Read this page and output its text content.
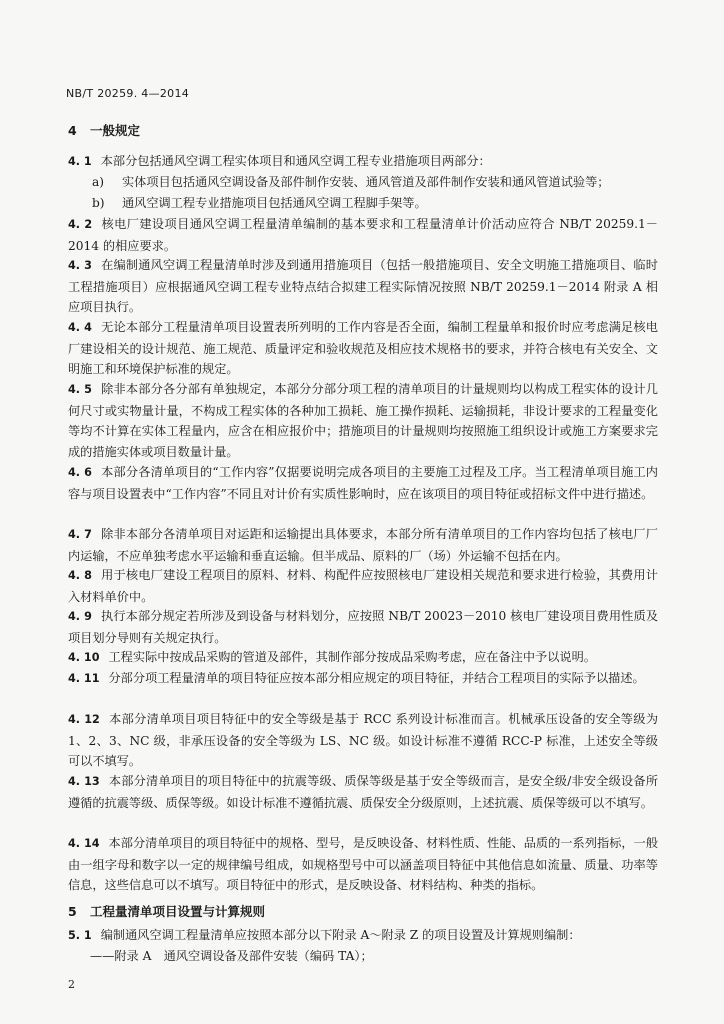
NB/T 20259. 4—2014
4 一般规定
4. 1 本部分包括通风空调工程实体项目和通风空调工程专业措施项目两部分：
a) 实体项目包括通风空调设备及部件制作安装、通风管道及部件制作安装和通风管道试验等；
b) 通风空调工程专业措施项目包括通风空调工程脚手架等。
4. 2 核电厂建设项目通风空调工程量清单编制的基本要求和工程量清单计价活动应符合 NB/T 20259.1－2014 的相应要求。
4. 3 在编制通风空调工程量清单时涉及到通用措施项目（包括一般措施项目、安全文明施工措施项目、临时工程措施项目）应根据通风空调工程专业特点结合拟建工程实际情况按照 NB/T 20259.1－2014 附录 A 相应项目执行。
4. 4 无论本部分工程量清单项目设置表所列明的工作内容是否全面，编制工程量单和报价时应考虑满足核电厂建设相关的设计规范、施工规范、质量评定和验收规范及相应技术规格书的要求，并符合核电有关安全、文明施工和环境保护标准的规定。
4. 5 除非本部分各分部有单独规定，本部分分部分项工程的清单项目的计量规则均以构成工程实体的设计几何尺寸或实物量计量，不构成工程实体的各种加工损耗、施工操作损耗、运输损耗，非设计要求的工程量变化等均不计算在实体工程量内，应含在相应报价中；措施项目的计量规则均按照施工组织设计或施工方案要求完成的措施实体或项目数量计量。
4. 6 本部分各清单项目的“工作内容”仅据要说明完成各项目的主要施工过程及工序。当工程清单项目施工内容与项目设置表中“工作内容”不同且对计价有实质性影响时，应在该项目的项目特征或招标文件中进行描述。
4. 7 除非本部分各清单项目对运距和运输提出具体要求，本部分所有清单项目的工作内容均包括了核电厂厂内运输，不应单独考虑水平运输和垂直运输。但半成品、原料的厂（场）外运输不包括在内。
4. 8 用于核电厂建设工程项目的原料、材料、构配件应按照核电厂建设相关规范和要求进行检验，其费用计入材料单价中。
4. 9 执行本部分规定若所涉及到设备与材料划分，应按照 NB/T 20023－2010 核电厂建设项目费用性质及项目划分导则有关规定执行。
4. 10 工程实际中按成品采购的管道及部件，其制作部分按成品采购考虑，应在备注中予以说明。
4. 11 分部分项工程量清单的项目特征应按本部分相应规定的项目特征，并结合工程项目的实际予以描述。
4. 12 本部分清单项目项目特征中的安全等级是基于 RCC 系列设计标准而言。机械承压设备的安全等级为 1、2、3、NC 级，非承压设备的安全等级为 LS、NC 级。如设计标准不遵循 RCC-P 标准，上述安全等级可以不填写。
4. 13 本部分清单项目的项目特征中的抗震等级、质保等级是基于安全等级而言，是安全级/非安全级设备所遵循的抗震等级、质保等级。如设计标准不遵循抗震、质保安全分级原则，上述抗震、质保等级可以不填写。
4. 14 本部分清单项目的项目特征中的规格、型号，是反映设备、材料性质、性能、品质的一系列指标，一般由一组字母和数字以一定的规律编号组成，如规格型号中可以涵盖项目特征中其他信息如流量、质量、功率等信息，这些信息可以不填写。项目特征中的形式，是反映设备、材料结构、种类的指标。
5 工程量清单项目设置与计算规则
5. 1 编制通风空调工程量清单应按照本部分以下附录 A～附录 Z 的项目设置及计算规则编制：
——附录 A　通风空调设备及部件安装（编码 TA）；
2
